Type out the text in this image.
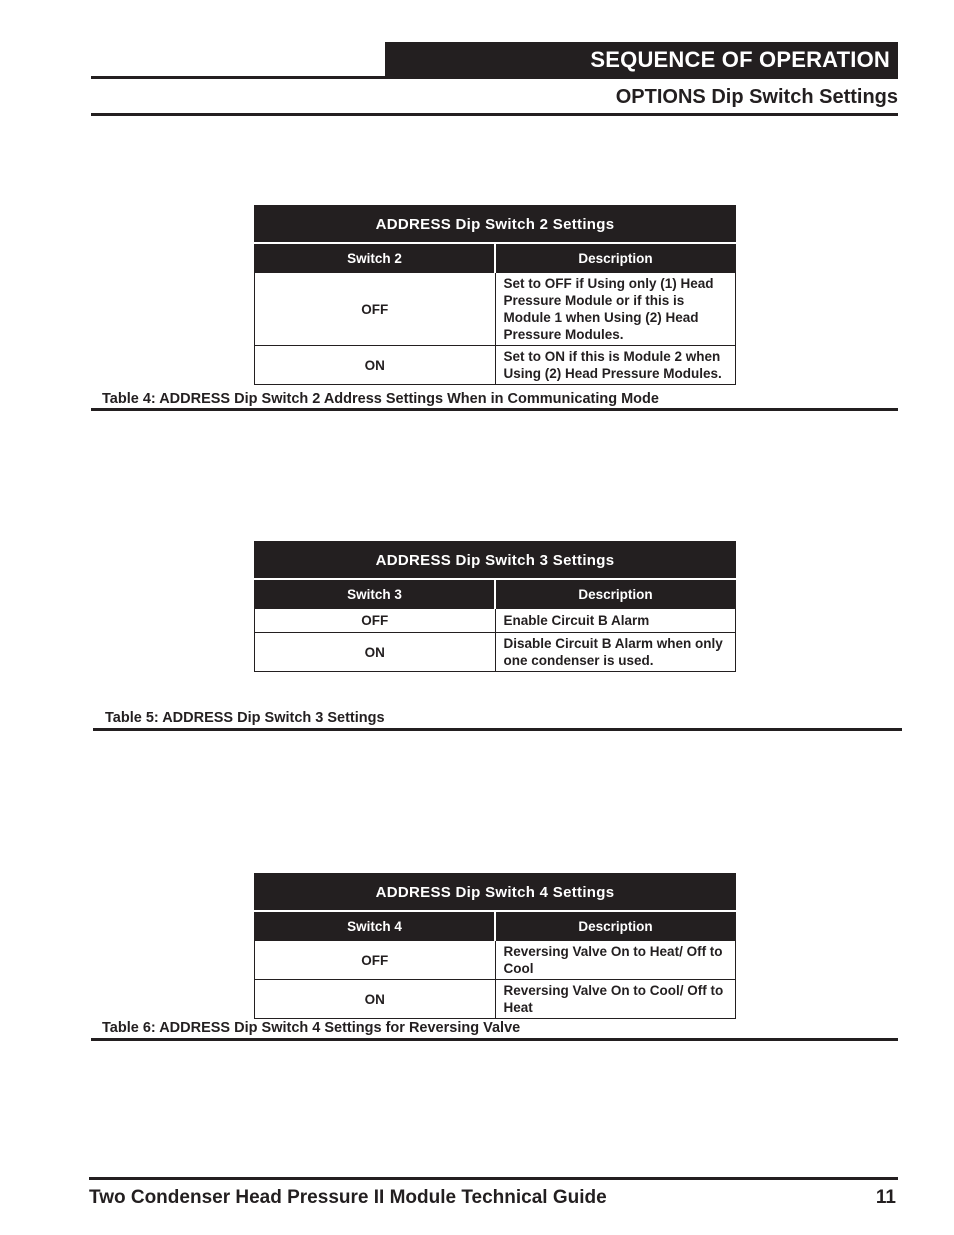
SEQUENCE OF OPERATION
OPTIONS Dip Switch Settings
ADDRESS Dip Switch 2 Settings	
Switch 2	Description
OFF	Set to OFF if Using only (1) Head Pressure Module or if this is Module 1 when Using (2) Head Pressure Modules.
ON	Set to ON if this is Module 2 when Using (2) Head Pressure Modules.
Table 4: ADDRESS Dip Switch 2 Address Settings When in Communicating Mode
ADDRESS Dip Switch 3 Settings	
Switch 3	Description
OFF	Enable Circuit B Alarm
ON	Disable Circuit B Alarm when only one condenser is used.
Table 5: ADDRESS Dip Switch 3 Settings
ADDRESS Dip Switch 4 Settings	
Switch 4	Description
OFF	Reversing Valve On to Heat/ Off to Cool
ON	Reversing Valve On to Cool/ Off to Heat
Table 6: ADDRESS Dip Switch 4 Settings for Reversing Valve
Two Condenser Head Pressure II Module Technical Guide	11
